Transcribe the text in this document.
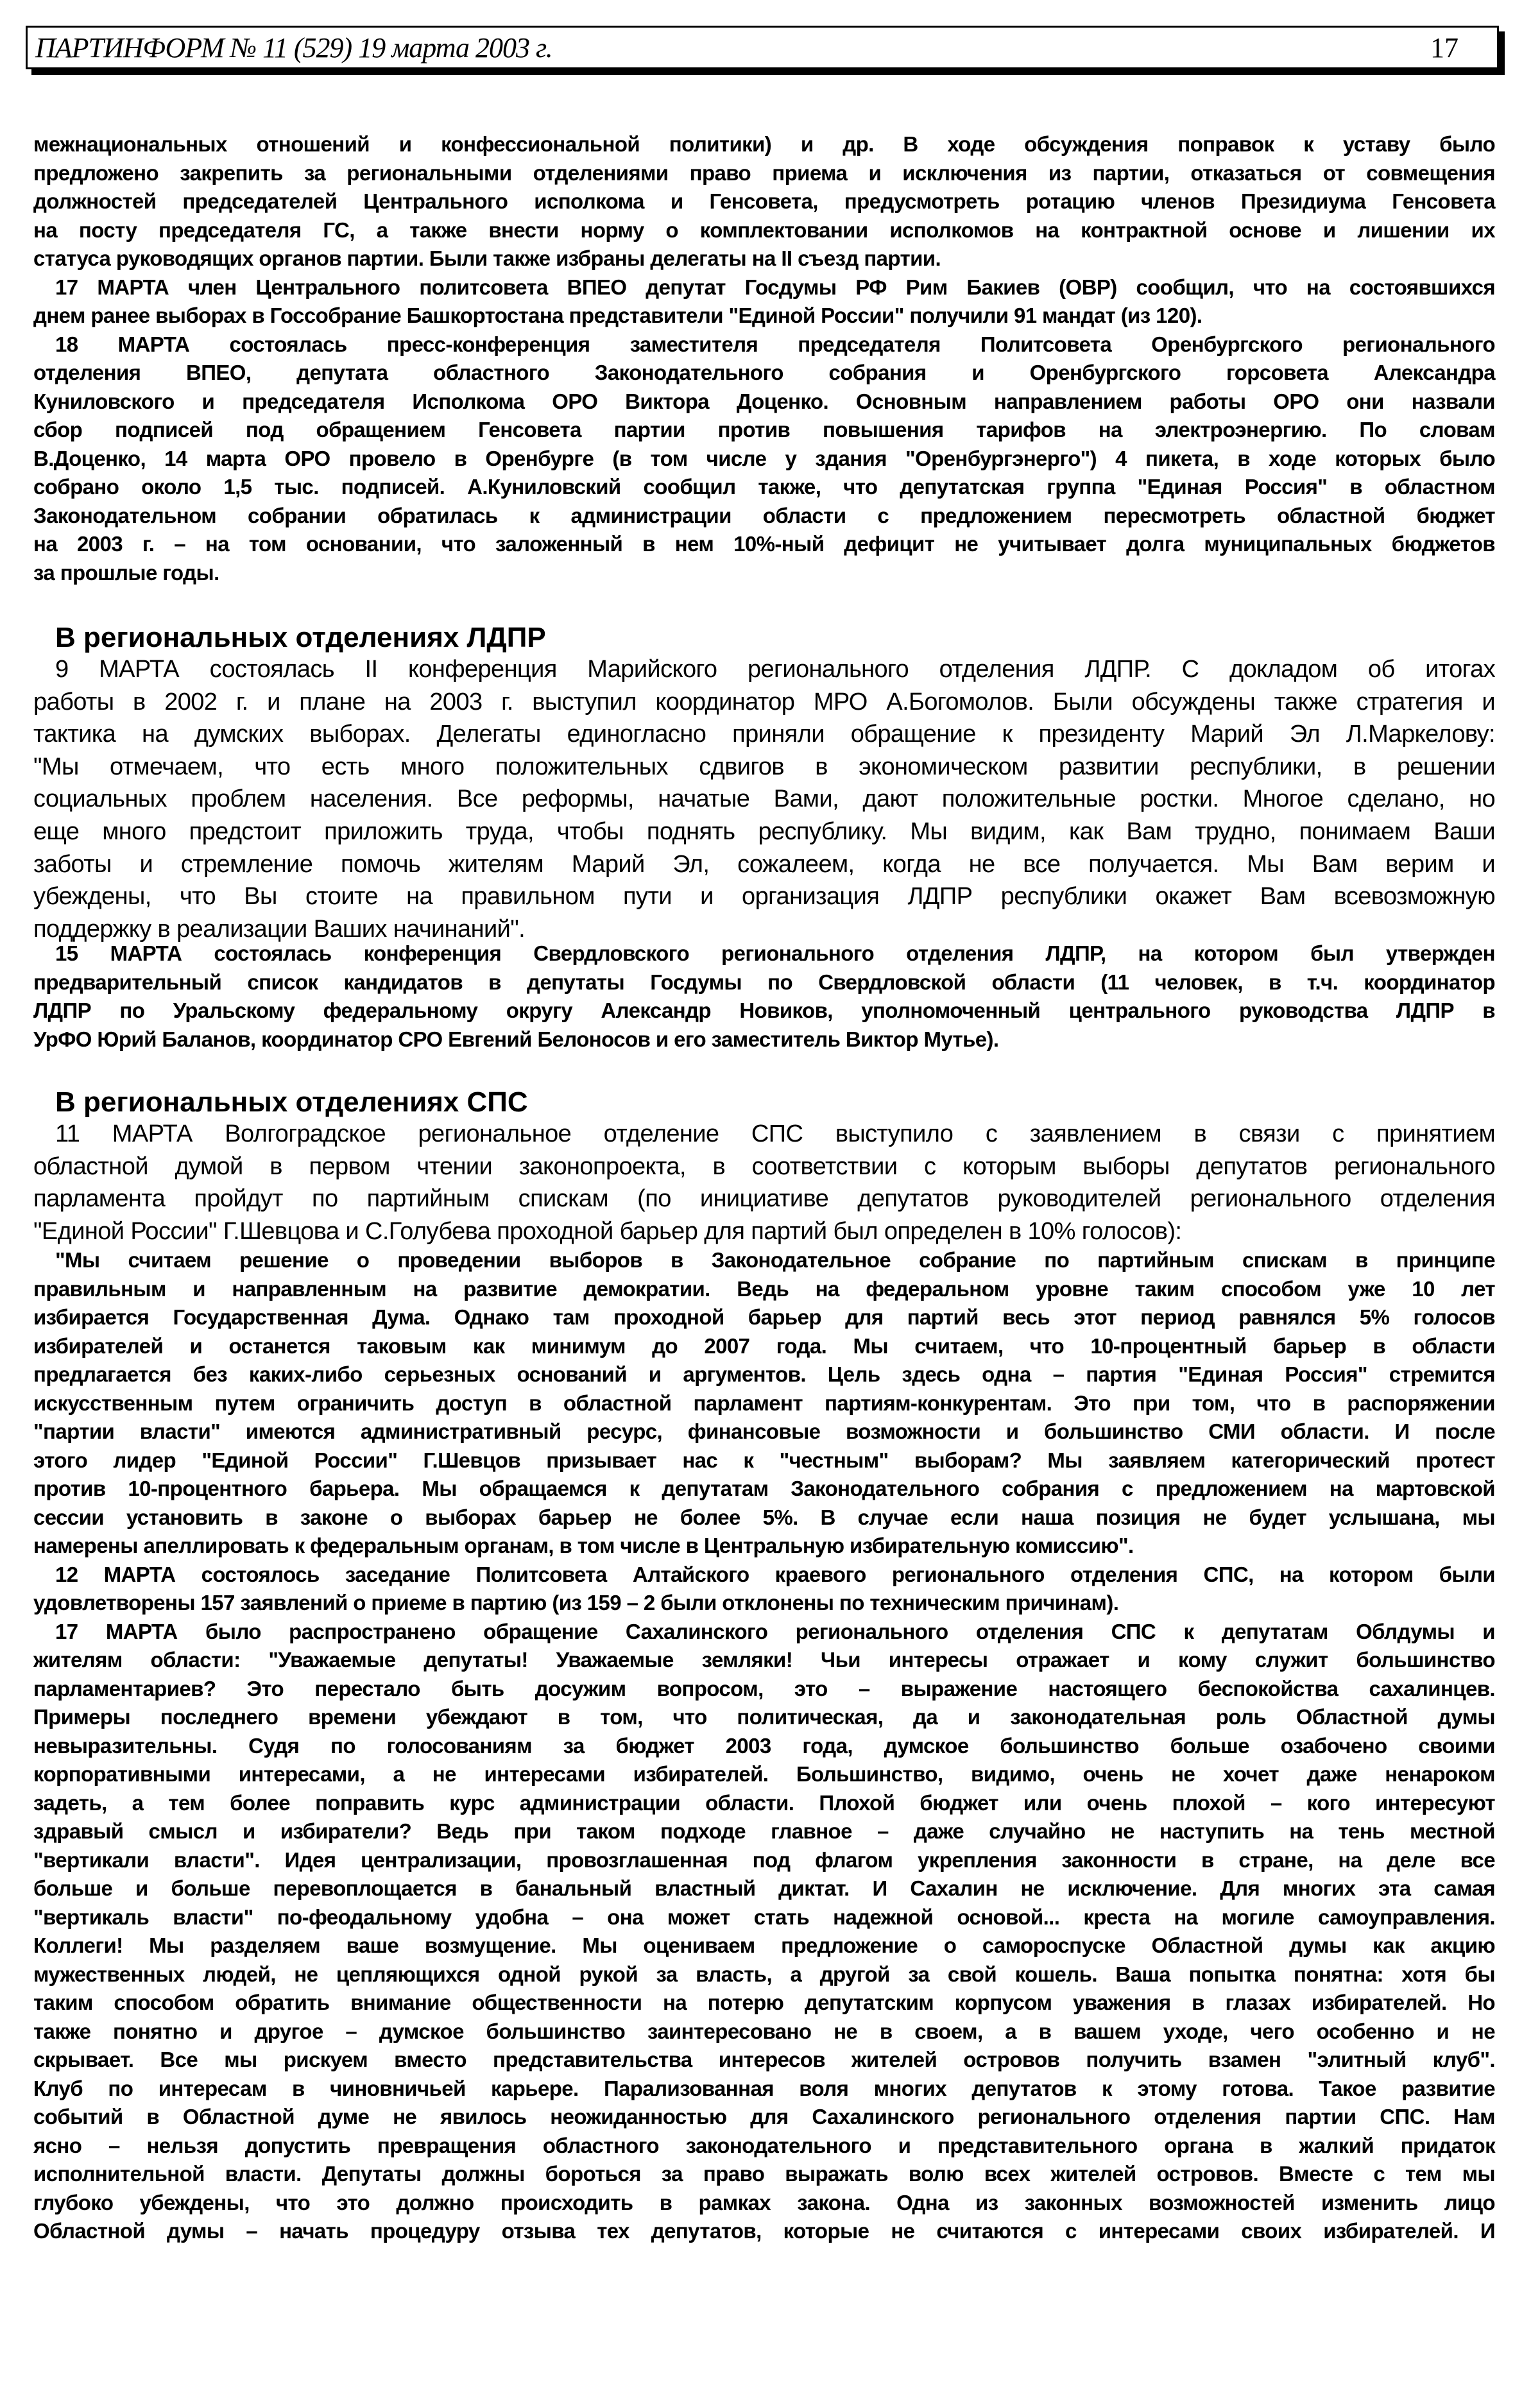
ПАРТИНФОРМ № 11 (529) 19 марта 2003 г.	17
межнациональных отношений и конфессиональной политики) и др. В ходе обсуждения поправок к уставу было
предложено закрепить за региональными отделениями право приема и исключения из партии, отказаться от совмещения
должностей председателей Центрального исполкома и Генсовета, предусмотреть ротацию членов Президиума Генсовета
на посту председателя ГС, а также внести норму о комплектовании исполкомов на контрактной основе и лишении их
статуса руководящих органов партии. Были также избраны делегаты на II съезд партии.
17 МАРТА член Центрального политсовета ВПЕО депутат Госдумы РФ Рим Бакиев (ОВР) сообщил, что на состоявшихся
днем ранее выборах в Госсобрание Башкортостана представители "Единой России" получили 91 мандат (из 120).
18 МАРТА состоялась пресс-конференция заместителя председателя Политсовета Оренбургского регионального
отделения ВПЕО, депутата областного Законодательного собрания и Оренбургского горсовета Александра
Куниловского и председателя Исполкома ОРО Виктора Доценко. Основным направлением работы ОРО они назвали
сбор подписей под обращением Генсовета партии против повышения тарифов на электроэнергию. По словам
В.Доценко, 14 марта ОРО провело в Оренбурге (в том числе у здания "Оренбургэнерго") 4 пикета, в ходе которых было
собрано около 1,5 тыс. подписей. А.Куниловский сообщил также, что депутатская группа "Единая Россия" в областном
Законодательном собрании обратилась к администрации области с предложением пересмотреть областной бюджет
на 2003 г. – на том основании, что заложенный в нем 10%-ный дефицит не учитывает долга муниципальных бюджетов
за прошлые годы.
В региональных отделениях ЛДПР
9 МАРТА состоялась II конференция Марийского регионального отделения ЛДПР. С докладом об итогах
работы в 2002 г. и плане на 2003 г. выступил координатор МРО А.Богомолов. Были обсуждены также стратегия и
тактика на думских выборах. Делегаты единогласно приняли обращение к президенту Марий Эл Л.Маркелову:
"Мы отмечаем, что есть много положительных сдвигов в экономическом развитии республики, в решении
социальных проблем населения. Все реформы, начатые Вами, дают положительные ростки. Многое сделано, но
еще много предстоит приложить труда, чтобы поднять республику. Мы видим, как Вам трудно, понимаем Ваши
заботы и стремление помочь жителям Марий Эл, сожалеем, когда не все получается. Мы Вам верим и
убеждены, что Вы стоите на правильном пути и организация ЛДПР республики окажет Вам всевозможную
поддержку в реализации Ваших начинаний".
15 МАРТА состоялась конференция Свердловского регионального отделения ЛДПР, на котором был утвержден
предварительный список кандидатов в депутаты Госдумы по Свердловской области (11 человек, в т.ч. координатор
ЛДПР по Уральскому федеральному округу Александр Новиков, уполномоченный центрального руководства ЛДПР в
УрФО Юрий Баланов, координатор СРО Евгений Белоносов и его заместитель Виктор Мутье).
В региональных отделениях СПС
11 МАРТА Волгоградское региональное отделение СПС выступило с заявлением в связи с принятием
областной думой в первом чтении законопроекта, в соответствии с которым выборы депутатов регионального
парламента пройдут по партийным спискам (по инициативе депутатов руководителей регионального отделения
"Единой России" Г.Шевцова и С.Голубева проходной барьер для партий был определен в 10% голосов):
"Мы считаем решение о проведении выборов в Законодательное собрание по партийным спискам в принципе
правильным и направленным на развитие демократии. Ведь на федеральном уровне таким способом уже 10 лет
избирается Государственная Дума. Однако там проходной барьер для партий весь этот период равнялся 5% голосов
избирателей и останется таковым как минимум до 2007 года. Мы считаем, что 10-процентный барьер в области
предлагается без каких-либо серьезных оснований и аргументов. Цель здесь одна – партия "Единая Россия" стремится
искусственным путем ограничить доступ в областной парламент партиям-конкурентам. Это при том, что в распоряжении
"партии власти" имеются административный ресурс, финансовые возможности и большинство СМИ области. И после
этого лидер "Единой России" Г.Шевцов призывает нас к "честным" выборам? Мы заявляем категорический протест
против 10-процентного барьера. Мы обращаемся к депутатам Законодательного собрания с предложением на мартовской
сессии установить в законе о выборах барьер не более 5%. В случае если наша позиция не будет услышана, мы
намерены апеллировать к федеральным органам, в том числе в Центральную избирательную комиссию".
12 МАРТА состоялось заседание Политсовета Алтайского краевого регионального отделения СПС, на котором были
удовлетворены 157 заявлений о приеме в партию (из 159 – 2 были отклонены по техническим причинам).
17 МАРТА было распространено обращение Сахалинского регионального отделения СПС к депутатам Облдумы и
жителям области: "Уважаемые депутаты! Уважаемые земляки! Чьи интересы отражает и кому служит большинство
парламентариев? Это перестало быть досужим вопросом, это – выражение настоящего беспокойства сахалинцев.
Примеры последнего времени убеждают в том, что политическая, да и законодательная роль Областной думы
невыразительны. Судя по голосованиям за бюджет 2003 года, думское большинство больше озабочено своими
корпоративными интересами, а не интересами избирателей. Большинство, видимо, очень не хочет даже ненароком
задеть, а тем более поправить курс администрации области. Плохой бюджет или очень плохой – кого интересуют
здравый смысл и избиратели? Ведь при таком подходе главное – даже случайно не наступить на тень местной
"вертикали власти". Идея централизации, провозглашенная под флагом укрепления законности в стране, на деле все
больше и больше перевоплощается в банальный властный диктат. И Сахалин не исключение. Для многих эта самая
"вертикаль власти" по-феодальному удобна – она может стать надежной основой... креста на могиле самоуправления.
Коллеги! Мы разделяем ваше возмущение. Мы оцениваем предложение о самороспуске Областной думы как акцию
мужественных людей, не цепляющихся одной рукой за власть, а другой за свой кошель. Ваша попытка понятна: хотя бы
таким способом обратить внимание общественности на потерю депутатским корпусом уважения в глазах избирателей. Но
также понятно и другое – думское большинство заинтересовано не в своем, а в вашем уходе, чего особенно и не
скрывает. Все мы рискуем вместо представительства интересов жителей островов получить взамен "элитный клуб".
Клуб по интересам в чиновничьей карьере. Парализованная воля многих депутатов к этому готова. Такое развитие
событий в Областной думе не явилось неожиданностью для Сахалинского регионального отделения партии СПС. Нам
ясно – нельзя допустить превращения областного законодательного и представительного органа в жалкий придаток
исполнительной власти. Депутаты должны бороться за право выражать волю всех жителей островов. Вместе с тем мы
глубоко убеждены, что это должно происходить в рамках закона. Одна из законных возможностей изменить лицо
Областной думы – начать процедуру отзыва тех депутатов, которые не считаются с интересами своих избирателей. И
